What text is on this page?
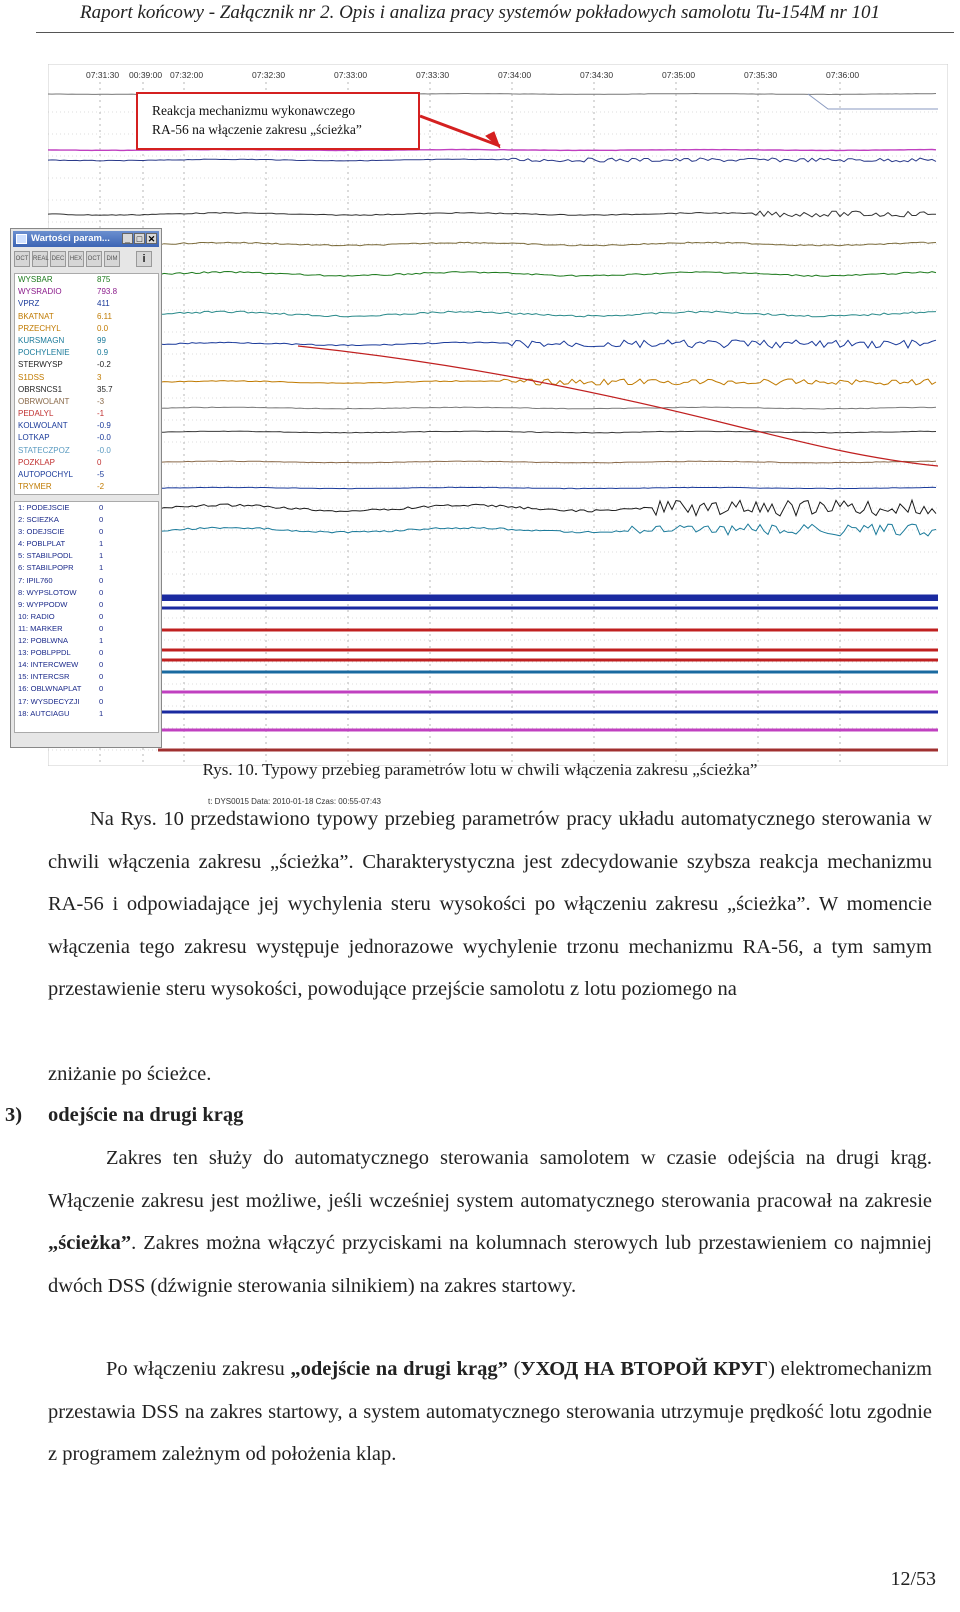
Raport końcowy - Załącznik nr 2. Opis i analiza pracy systemów pokładowych samolotu Tu-154M nr 101
07:31:30 00:39:00 07:32:00	07:32:30	07:33:00	07:33:30	07:34:00	07:34:30	07:35:00	07:35:30	07:36:00
Reakcja mechanizmu wykonawczego
RA-56 na włączenie zakresu „ścieżka”
t: DYS0015 Data: 2010-01-18 Czas: 00:55-07:43
Wartości param...	_ □ ✕
OCT REAL DEC HEX OCT	DIM	i
WYSBAR	875
WYSRADIO	793.8
VPRZ	411
BKATNAT	6.11
PRZECHYL	0.0
KURSMAGN	99
POCHYLENIE	0.9
STERWYSP	-0.2
S1DSS	3
OBRSNCS1	35.7
OBRWOLANT	-3
PEDALYL	-1
KOLWOLANT	-0.9
LOTKAP	-0.0
STATECZPOZ	-0.0
POZKLAP	0
AUTOPOCHYL	-5
TRYMER	-2
1: PODEJSCIE	0
2: SCIEZKA	0
3: ODEJSCIE	0
4: POBLPLAT	1
5: STABILPODL	1
6: STABILPOPR	1
7: IPIL760	0
8: WYPSLOTOW	0
9: WYPPODW	0
10: RADIO	0
11: MARKER	0
12: POBLWNA	1
13: POBLPPDL	0
14: INTERCWEW	0
15: INTERCSR	0
16: OBLWNAPLAT 0
17: WYSDECYZJI	0
18: AUTCIAGU	1
Rys. 10. Typowy przebieg parametrów lotu w chwili włączenia zakresu „ścieżka”
Na Rys. 10 przedstawiono typowy przebieg parametrów pracy układu automatycznego sterowania w chwili włączenia zakresu „ścieżka”. Charakterystyczna jest zdecydowanie szybsza reakcja mechanizmu RA-56 i odpowiadające jej wychylenia steru wysokości po włączeniu zakresu „ścieżka”. W momencie włączenia tego zakresu występuje jednorazowe wychylenie trzonu mechanizmu RA-56, a tym samym przestawienie steru wysokości, powodujące przejście samolotu z lotu poziomego na
zniżanie po ścieżce.
3) odejście na drugi krąg
Zakres ten służy do automatycznego sterowania samolotem w czasie odejścia na drugi krąg. Włączenie zakresu jest możliwe, jeśli wcześniej system automatycznego sterowania pracował na zakresie „ścieżka”. Zakres można włączyć przyciskami na kolumnach sterowych lub przestawieniem co najmniej dwóch DSS (dźwignie sterowania silnikiem) na zakres startowy.
Po włączeniu zakresu „odejście na drugi krąg” (УХОД НА ВТОРОЙ КРУГ) elektromechanizm przestawia DSS na zakres startowy, a system automatycznego sterowania utrzymuje prędkość lotu zgodnie z programem zależnym od położenia klap.
12/53
